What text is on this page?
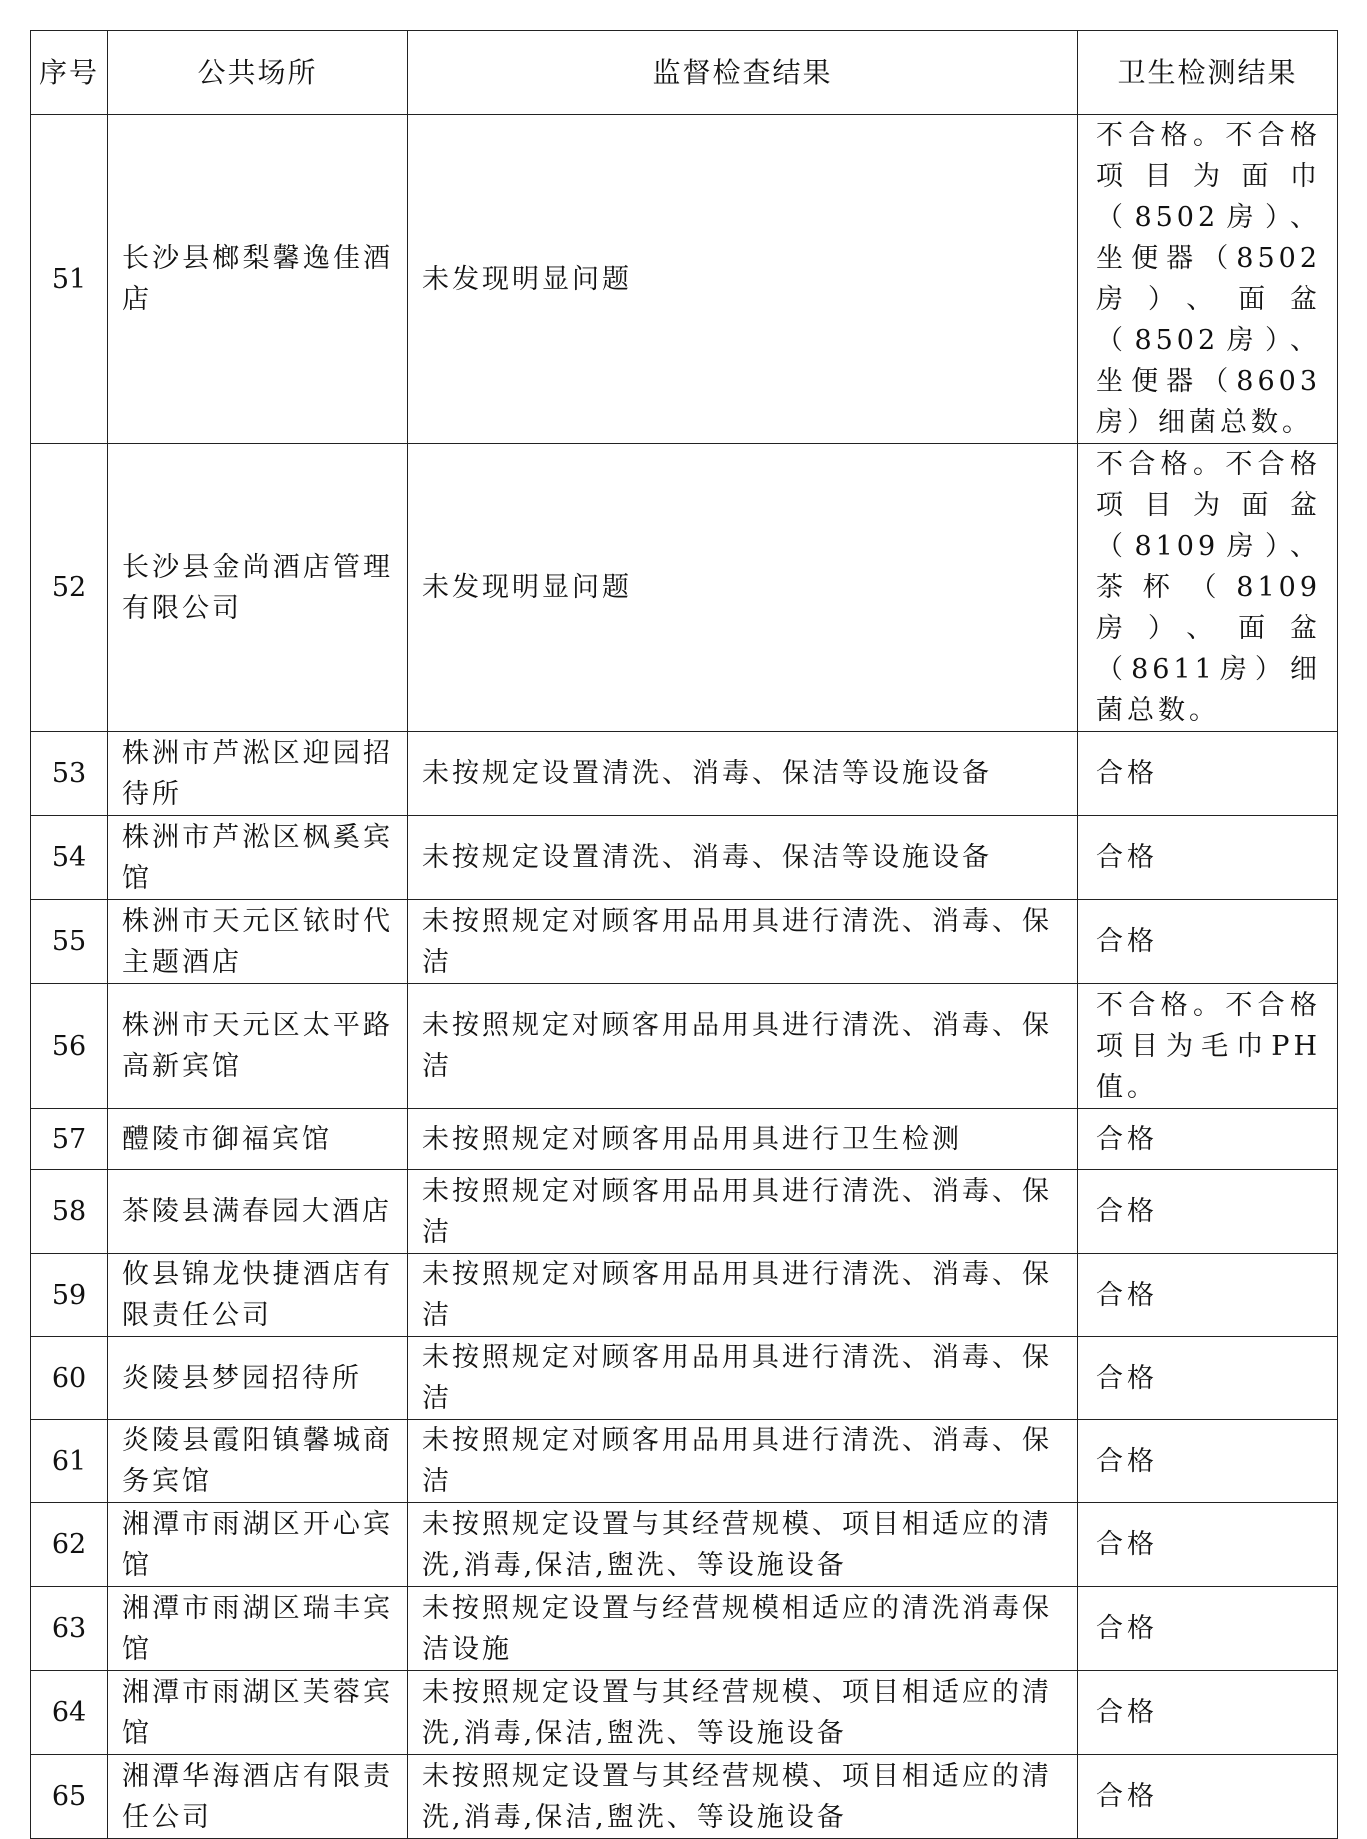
序号	公共场所	监督检查结果	卫生检测结果
51	长沙县榔梨馨逸佳酒店	未发现明显问题	不合格。不合格项目为面巾（8502房）、坐便器（8502房）、面盆（8502房）、坐便器（8603房）细菌总数。
52	长沙县金尚酒店管理有限公司	未发现明显问题	不合格。不合格项目为面盆（8109房）、茶杯（8109房）、面盆（8611房）细菌总数。
53	株洲市芦淞区迎园招待所	未按规定设置清洗、消毒、保洁等设施设备	合格
54	株洲市芦淞区枫奚宾馆	未按规定设置清洗、消毒、保洁等设施设备	合格
55	株洲市天元区铱时代主题酒店	未按照规定对顾客用品用具进行清洗、消毒、保洁	合格
56	株洲市天元区太平路高新宾馆	未按照规定对顾客用品用具进行清洗、消毒、保洁	不合格。不合格项目为毛巾PH值。
57	醴陵市御福宾馆	未按照规定对顾客用品用具进行卫生检测	合格
58	茶陵县满春园大酒店	未按照规定对顾客用品用具进行清洗、消毒、保洁	合格
59	攸县锦龙快捷酒店有限责任公司	未按照规定对顾客用品用具进行清洗、消毒、保洁	合格
60	炎陵县梦园招待所	未按照规定对顾客用品用具进行清洗、消毒、保洁	合格
61	炎陵县霞阳镇馨城商务宾馆	未按照规定对顾客用品用具进行清洗、消毒、保洁	合格
62	湘潭市雨湖区开心宾馆	未按照规定设置与其经营规模、项目相适应的清洗,消毒,保洁,盥洗、等设施设备	合格
63	湘潭市雨湖区瑞丰宾馆	未按照规定设置与经营规模相适应的清洗消毒保洁设施	合格
64	湘潭市雨湖区芙蓉宾馆	未按照规定设置与其经营规模、项目相适应的清洗,消毒,保洁,盥洗、等设施设备	合格
65	湘潭华海酒店有限责任公司	未按照规定设置与其经营规模、项目相适应的清洗,消毒,保洁,盥洗、等设施设备	合格
